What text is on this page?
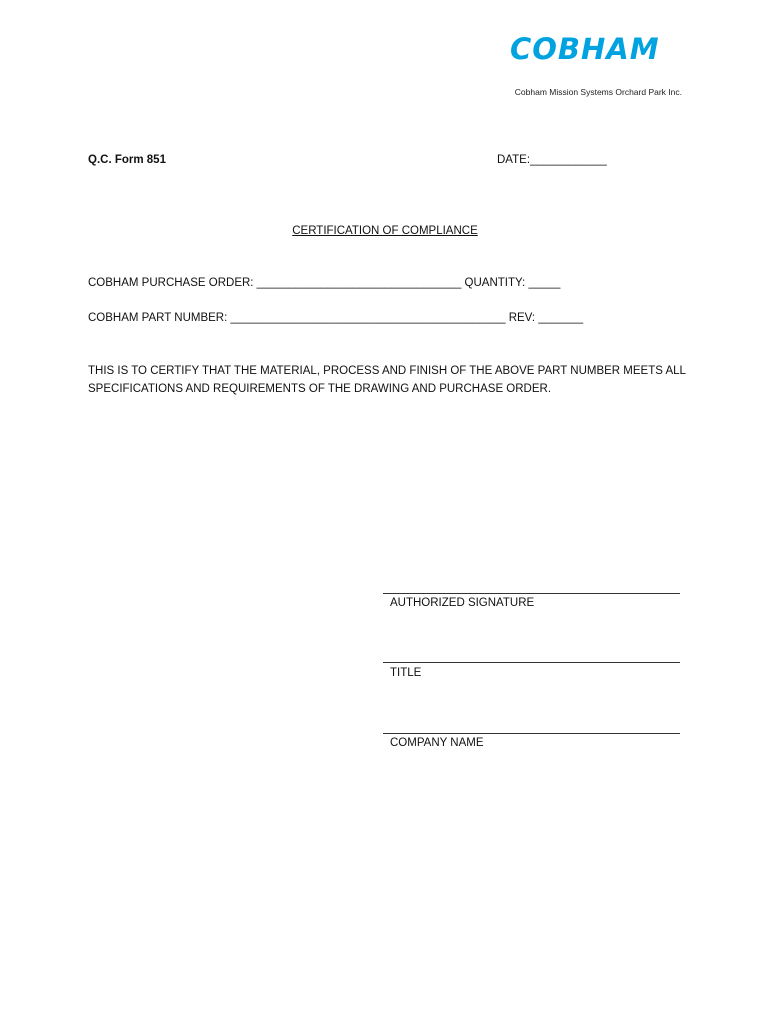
COBHAM
Cobham Mission Systems Orchard Park Inc.
Q.C. Form 851	DATE:____________
CERTIFICATION OF COMPLIANCE
COBHAM PURCHASE ORDER: ________________________________ QUANTITY: _____
COBHAM PART NUMBER: ___________________________________________ REV: _______
THIS IS TO CERTIFY THAT THE MATERIAL, PROCESS AND FINISH OF THE ABOVE PART NUMBER MEETS ALL SPECIFICATIONS AND REQUIREMENTS OF THE DRAWING AND PURCHASE ORDER.
AUTHORIZED SIGNATURE
TITLE
COMPANY NAME
